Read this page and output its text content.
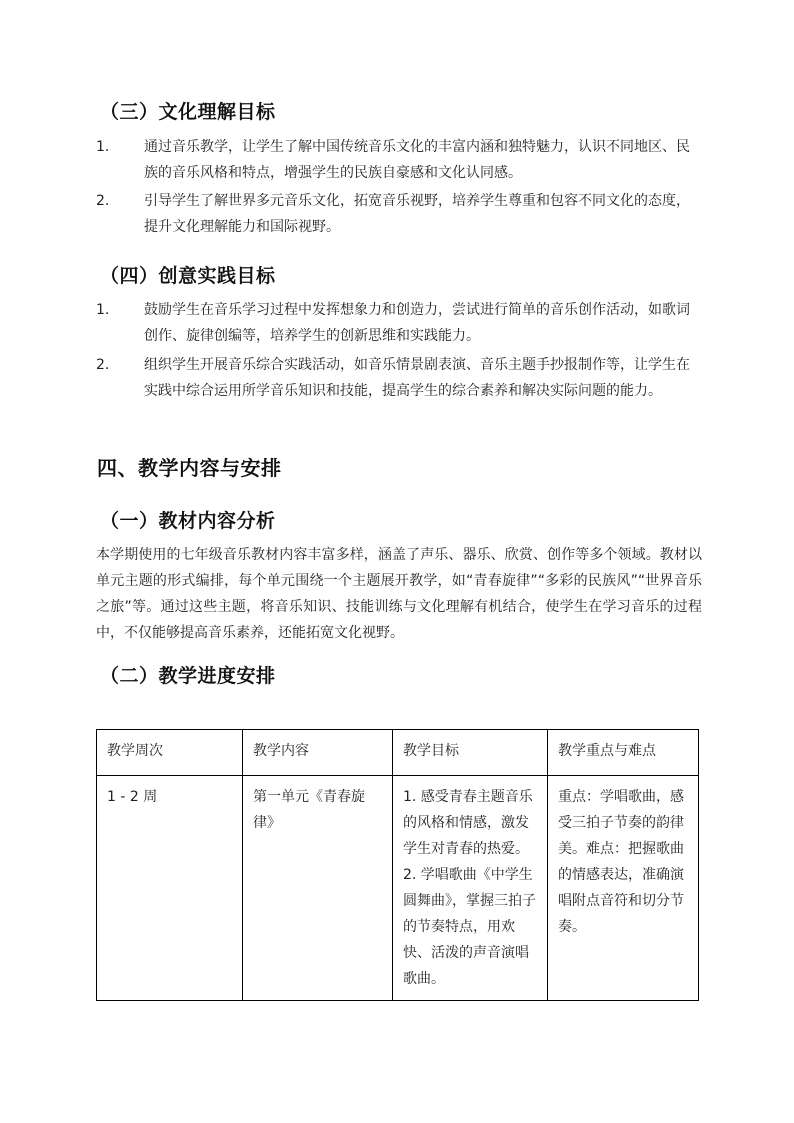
（三）文化理解目标
1. 通过音乐教学，让学生了解中国传统音乐文化的丰富内涵和独特魅力，认识不同地区、民族的音乐风格和特点，增强学生的民族自豪感和文化认同感。
2. 引导学生了解世界多元音乐文化，拓宽音乐视野，培养学生尊重和包容不同文化的态度，提升文化理解能力和国际视野。
（四）创意实践目标
1. 鼓励学生在音乐学习过程中发挥想象力和创造力，尝试进行简单的音乐创作活动，如歌词创作、旋律创编等，培养学生的创新思维和实践能力。
2. 组织学生开展音乐综合实践活动，如音乐情景剧表演、音乐主题手抄报制作等，让学生在实践中综合运用所学音乐知识和技能，提高学生的综合素养和解决实际问题的能力。
四、教学内容与安排
（一）教材内容分析
本学期使用的七年级音乐教材内容丰富多样，涵盖了声乐、器乐、欣赏、创作等多个领域。教材以单元主题的形式编排，每个单元围绕一个主题展开教学，如“青春旋律”“多彩的民族风”“世界音乐之旅”等。通过这些主题，将音乐知识、技能训练与文化理解有机结合，使学生在学习音乐的过程中，不仅能够提高音乐素养，还能拓宽文化视野。
（二）教学进度安排
教学周次	教学内容	教学目标	教学重点与难点
1 - 2 周	第一单元《青春旋律》	1. 感受青春主题音乐的风格和情感，激发学生对青春的热爱。
2. 学唱歌曲《中学生圆舞曲》，掌握三拍子的节奏特点，用欢快、活泼的声音演唱歌曲。	重点：学唱歌曲，感受三拍子节奏的韵律美。难点：把握歌曲的情感表达，准确演唱附点音符和切分节奏。
